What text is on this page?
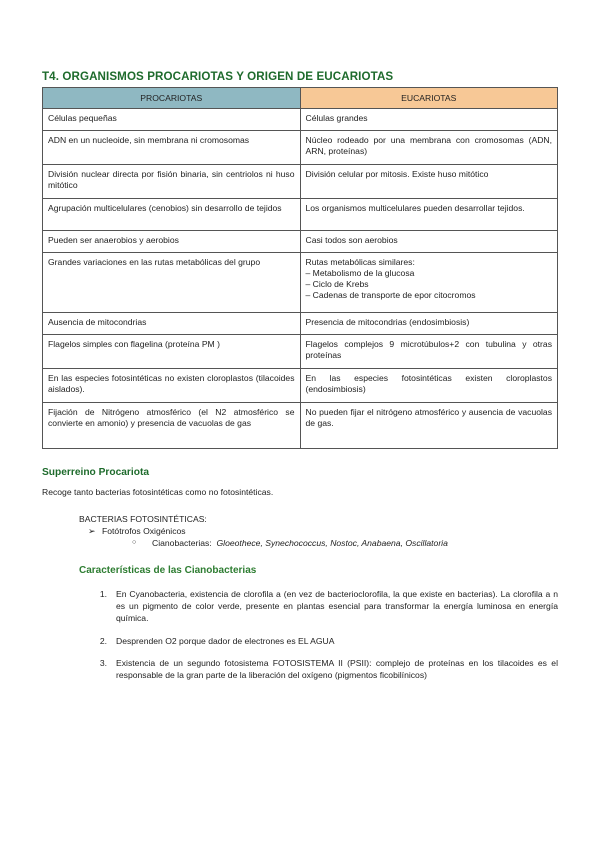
T4. ORGANISMOS PROCARIOTAS Y ORIGEN DE EUCARIOTAS
PROCARIOTAS	EUCARIOTAS
Células pequeñas	Células grandes
ADN en un nucleoide, sin membrana ni cromosomas	Núcleo rodeado por una membrana con cromosomas (ADN, ARN, proteínas)
División nuclear directa por fisión binaria, sin centriolos ni huso mitótico	División celular por mitosis. Existe huso mitótico
Agrupación multicelulares (cenobios) sin desarrollo de tejidos	Los organismos multicelulares pueden desarrollar tejidos.
Pueden ser anaerobios y aerobios	Casi todos son aerobios
Grandes variaciones en las rutas metabólicas del grupo	Rutas metabólicas similares:
– Metabolismo de la glucosa
– Ciclo de Krebs
– Cadenas de transporte de epor citocromos

Ausencia de mitocondrias	Presencia de mitocondrias (endosimbiosis)
Flagelos simples con flagelina (proteína PM )	Flagelos complejos 9 microtúbulos+2 con tubulina y otras proteínas
En las especies fotosintéticas no existen cloroplastos (tilacoides aislados).	En las especies fotosintéticas existen cloroplastos (endosimbiosis)
Fijación de Nitrógeno atmosférico (el N2 atmosférico se convierte en amonio) y presencia de vacuolas de gas	No pueden fijar el nitrógeno atmosférico y ausencia de vacuolas de gas.
Superreino Procariota

Recoge tanto bacterias fotosintéticas como no fotosintéticas.

BACTERIAS FOTOSINTÉTICAS:
➢ Fotótrofos Oxigénicos
○	Cianobacterias:
Gloeothece, Synechococcus, Nostoc, Anabaena, Oscillatoria
Características de las Cianobacterias
1.	En Cyanobacteria, existencia de clorofila a (en vez de bacterioclorofila, la que existe en bacterias). La clorofila a n es un pigmento de color verde, presente en plantas esencial para transformar la energía luminosa en energía química.
2.	Desprenden O2 porque dador de electrones es EL AGUA
3.	Existencia de un segundo fotosistema FOTOSISTEMA II (PSII): complejo de proteínas en los tilacoides es el responsable de la gran parte de la liberación del oxígeno (pigmentos ficobilínicos)
